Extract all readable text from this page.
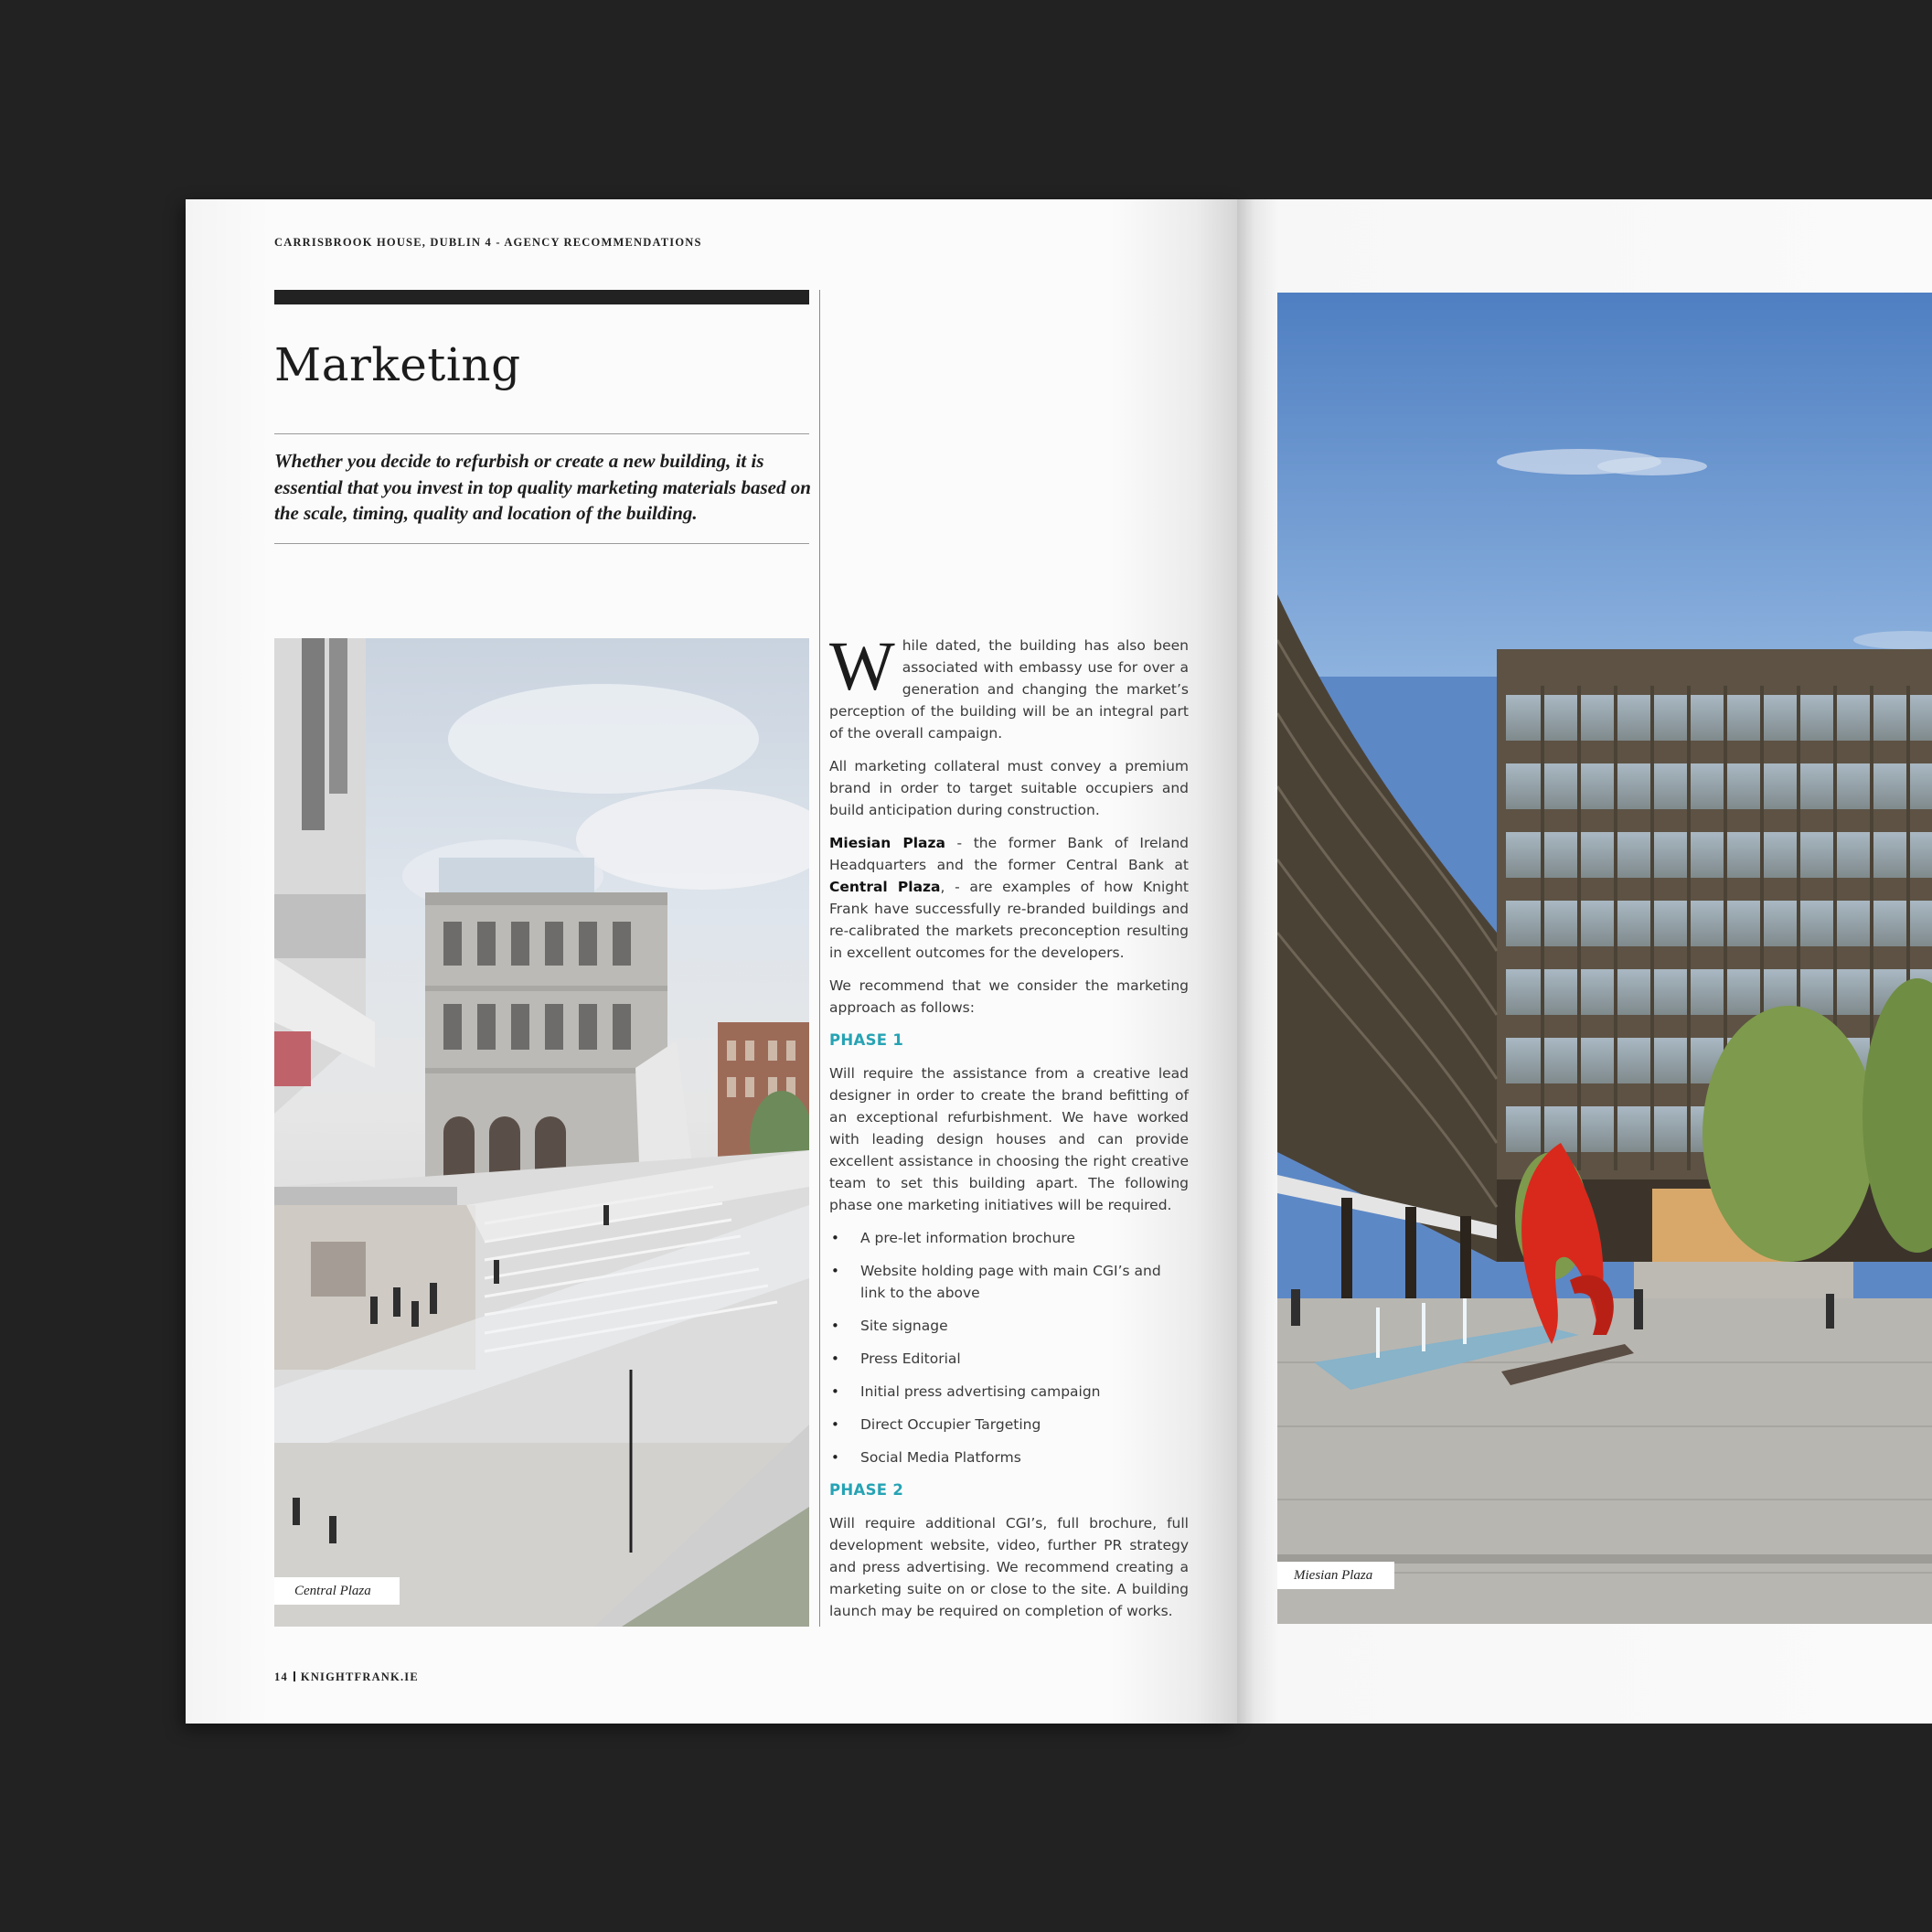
CARRISBROOK HOUSE, DUBLIN 4 - AGENCY RECOMMENDATIONS
Marketing
Whether you decide to refurbish or create a new building, it is essential that you invest in top quality marketing materials based on the scale, timing, quality and location of the building.
Central Plaza

While dated, the building has also been associated with embassy use for over a generation and changing the market’s perception of the building will be an integral part of the overall campaign.

All marketing collateral must convey a premium brand in order to target suitable occupiers and build anticipation during construction.

Miesian Plaza - the former Bank of Ireland Headquarters and the former Central Bank at Central Plaza, - are examples of how Knight Frank have successfully re-branded buildings and re-calibrated the markets preconception resulting in excellent outcomes for the developers.

We recommend that we consider the marketing approach as follows:

PHASE 1

Will require the assistance from a creative lead designer in order to create the brand befitting of an exceptional refurbishment. We have worked with leading design houses and can provide excellent assistance in choosing the right creative team to set this building apart. The following phase one marketing initiatives will be required.

• A pre-let information brochure
• Website holding page with main CGI’s and link to the above
• Site signage
• Press Editorial
• Initial press advertising campaign
• Direct Occupier Targeting
• Social Media Platforms
PHASE 2

Will require additional CGI’s, full brochure, full development website, video, further PR strategy and press advertising. We recommend creating a marketing suite on or close to the site. A building launch may be required on completion of works.

14 KNIGHTFRANK.IE
Miesian Plaza
